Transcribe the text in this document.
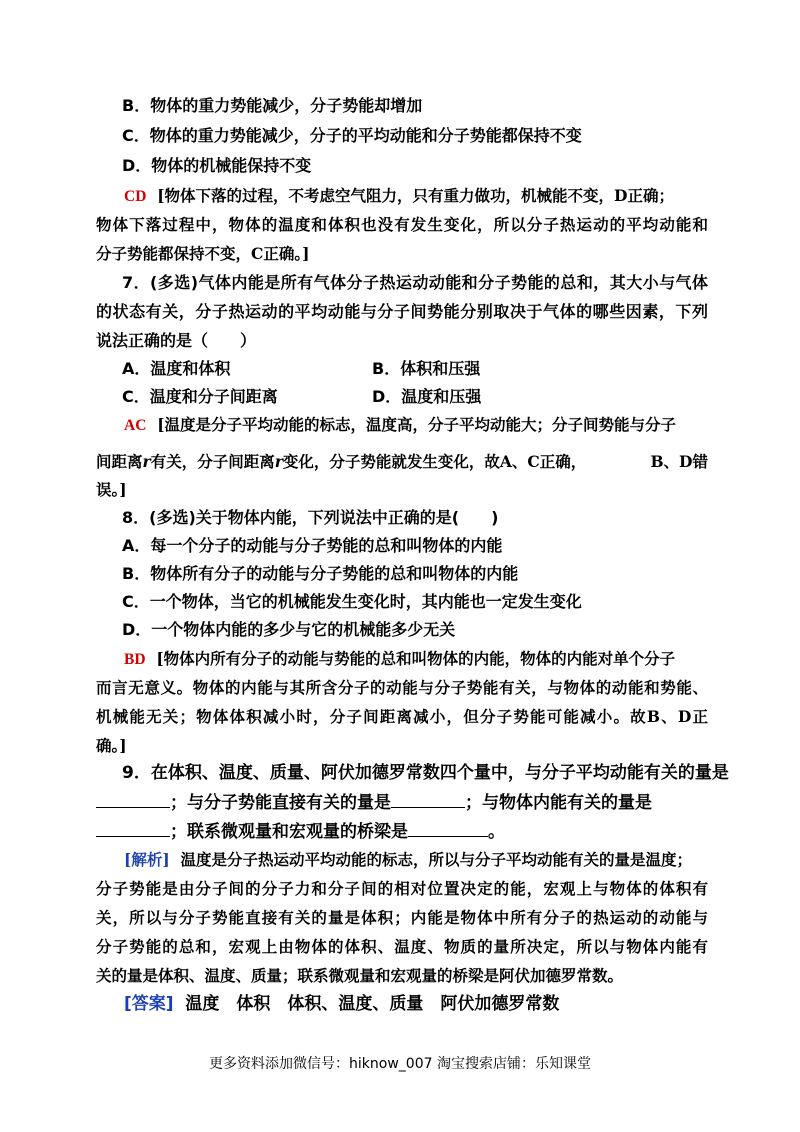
B．物体的重力势能减少，分子势能却增加
C．物体的重力势能减少，分子的平均动能和分子势能都保持不变
D．物体的机械能保持不变
CD [物体下落的过程，不考虑空气阻力，只有重力做功，机械能不变，D正确；
物体下落过程中，物体的温度和体积也没有发生变化，所以分子热运动的平均动能和
分子势能都保持不变，C正确。]
7．(多选)气体内能是所有气体分子热运动动能和分子势能的总和，其大小与气体
的状态有关，分子热运动的平均动能与分子间势能分别取决于气体的哪些因素，下列
说法正确的是（　　）
A．温度和体积	B．体积和压强
C．温度和分子间距离	D．温度和压强
AC [温度是分子平均动能的标志，温度高，分子平均动能大；分子间势能与分子
间距离r有关，分子间距离r变化，分子势能就发生变化，故A、C正确，	B、D错
误。]
8．(多选)关于物体内能，下列说法中正确的是(　　)
A．每一个分子的动能与分子势能的总和叫物体的内能
B．物体所有分子的动能与分子势能的总和叫物体的内能
C．一个物体，当它的机械能发生变化时，其内能也一定发生变化
D．一个物体内能的多少与它的机械能多少无关
BD [物体内所有分子的动能与势能的总和叫物体的内能，物体的内能对单个分子
而言无意义。物体的内能与其所含分子的动能与分子势能有关，与物体的动能和势能、
机械能无关；物体体积减小时，分子间距离减小，但分子势能可能减小。故B、D正
确。]
9．在体积、温度、质量、阿伏加德罗常数四个量中，与分子平均动能有关的量是
；与分子势能直接有关的量是	；与物体内能有关的量是
；联系微观量和宏观量的桥梁是	。
[解析] 温度是分子热运动平均动能的标志，所以与分子平均动能有关的量是温度；
分子势能是由分子间的分子力和分子间的相对位置决定的能，宏观上与物体的体积有
关，所以与分子势能直接有关的量是体积；内能是物体中所有分子的热运动的动能与
分子势能的总和，宏观上由物体的体积、温度、物质的量所决定，所以与物体内能有
关的量是体积、温度、质量；联系微观量和宏观量的桥梁是阿伏加德罗常数。
[答案] 温度　体积　体积、温度、质量　阿伏加德罗常数
更多资料添加微信号：hiknow_007 淘宝搜索店铺：乐知课堂
